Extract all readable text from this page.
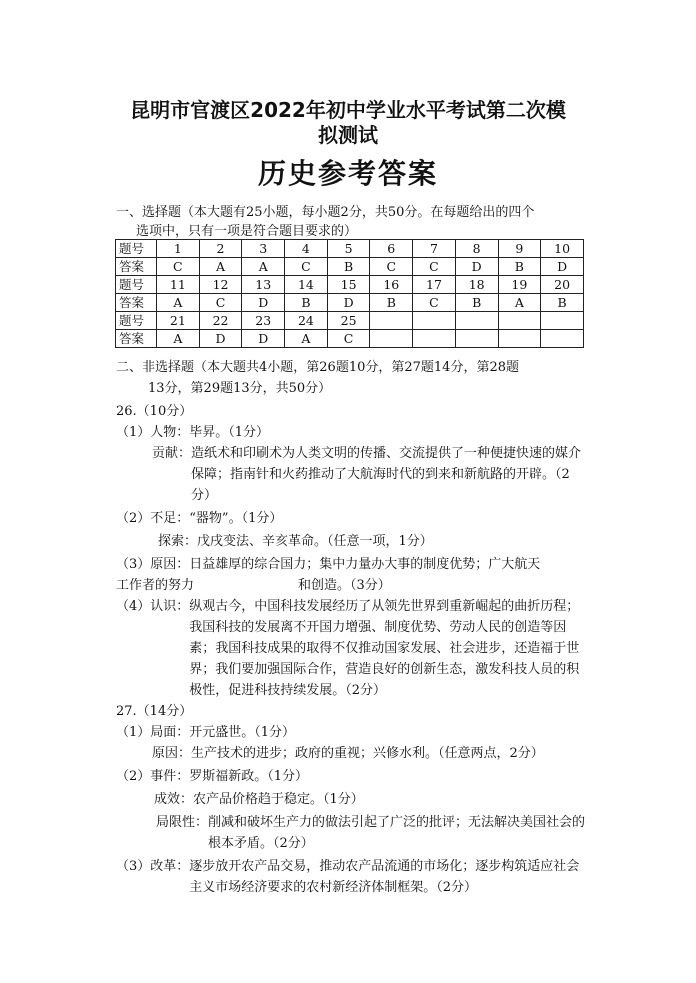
昆明市官渡区2022年初中学业水平考试第二次模
拟测试
历史参考答案
一、选择题（本大题有25小题，每小题2分，共50分。在每题给出的四个
选项中，只有一项是符合题目要求的）
题号	1	2	3	4	5	6	7	8	9	10
答案	C	A	A	C	B	C	C	D	B	D
题号	11	12	13	14	15	16	17	18	19	20
答案	A	C	D	B	D	B	C	B	A	B
题号	21	22	23	24	25					
答案	A	D	D	A	C					
二、非选择题（本大题共4小题，第26题10分，第27题14分，第28题
13分，第29题13分，共50分）
26.（10分）
（1）人物： 毕昇。（1分）
贡献： 造纸术和印刷术为人类文明的传播、交流提供了一种便捷快速的媒介保障；指南针和火药推动了大航海时代的到来和新航路的开辟。（2分）
（2）不足： “器物”。（1分）
探索： 戊戌变法、辛亥革命。（任意一项，1分）
（3）原因：日益雄厚的综合国力；集中力量办大事的制度优势；广大航天
工作者的努力	和创造。（3分）
（4）认识： 纵观古今，中国科技发展经历了从领先世界到重新崛起的曲折历程；我国科技的发展离不开国力增强、制度优势、劳动人民的创造等因素；我国科技成果的取得不仅推动国家发展、社会进步，还造福于世界；我们要加强国际合作，营造良好的创新生态，激发科技人员的积极性，促进科技持续发展。（2分）
27.（14分）
（1）局面： 开元盛世。（1分）
原因： 生产技术的进步；政府的重视；兴修水利。（任意两点，2分）
（2）事件： 罗斯福新政。（1分）
成效： 农产品价格趋于稳定。（1分）
局限性： 削减和破坏生产力的做法引起了广泛的批评；无法解决美国社会的根本矛盾。（2分）
（3）改革： 逐步放开农产品交易，推动农产品流通的市场化；逐步构筑适应社会主义市场经济要求的农村新经济体制框架。（2分）
